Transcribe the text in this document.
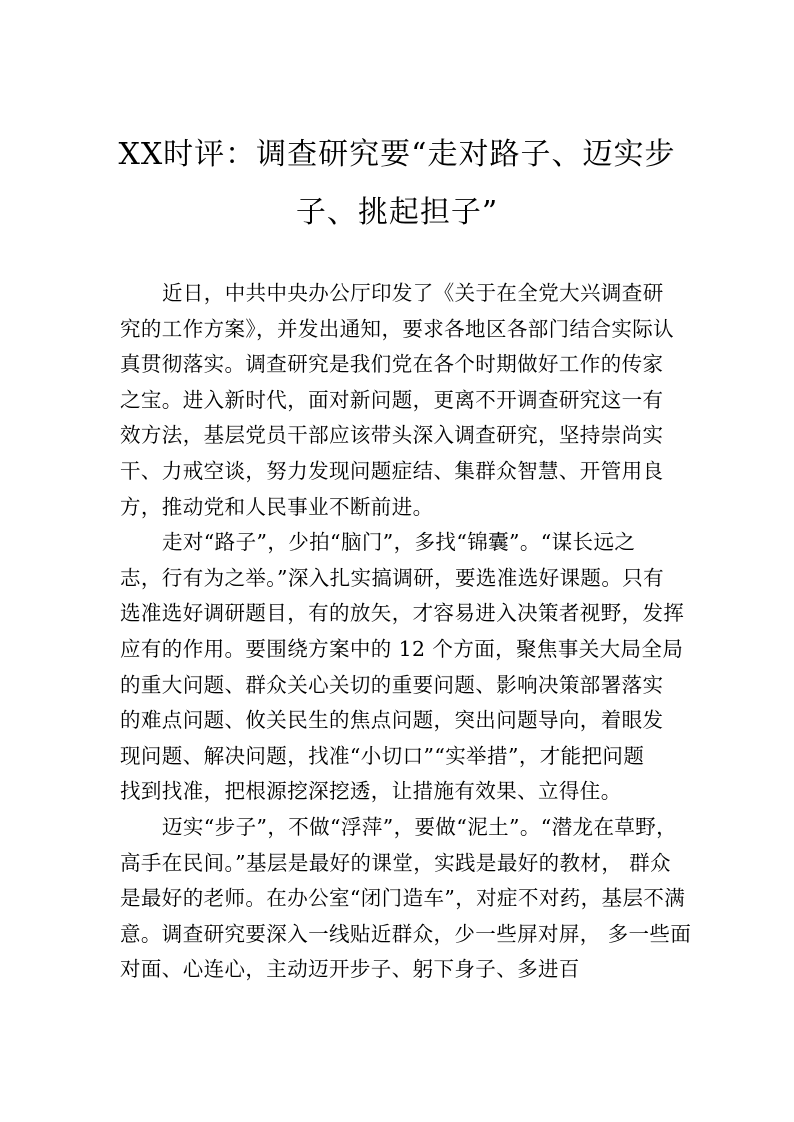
XX时评：调查研究要“走对路子、迈实步
子、挑起担子”

近日，中共中央办公厅印发了《关于在全党大兴调查研
究的工作方案》，并发出通知，要求各地区各部门结合实际认
真贯彻落实。调查研究是我们党在各个时期做好工作的传家
之宝。进入新时代，面对新问题，更离不开调查研究这一有
效方法，基层党员干部应该带头深入调查研究，坚持崇尚实
干、力戒空谈，努力发现问题症结、集群众智慧、开管用良
方，推动党和人民事业不断前进。

走对“路子”，少拍“脑门”，多找“锦囊”。“谋长远之
志，行有为之举。”深入扎实搞调研，要选准选好课题。只有
选准选好调研题目，有的放矢，才容易进入决策者视野，发挥
应有的作用。要围绕方案中的 12 个方面，聚焦事关大局全局
的重大问题、群众关心关切的重要问题、影响决策部署落实
的难点问题、攸关民生的焦点问题，突出问题导向，着眼发
现问题、解决问题，找准“小切口”“实举措”，才能把问题
找到找准，把根源挖深挖透，让措施有效果、立得住。

迈实“步子”，不做“浮萍”，要做“泥土”。“潜龙在草野，
高手在民间。”基层是最好的课堂，实践是最好的教材， 群众
是最好的老师。在办公室“闭门造车”，对症不对药，基层不满
意。调查研究要深入一线贴近群众，少一些屏对屏， 多一些面
对面、心连心，主动迈开步子、躬下身子、多进百
